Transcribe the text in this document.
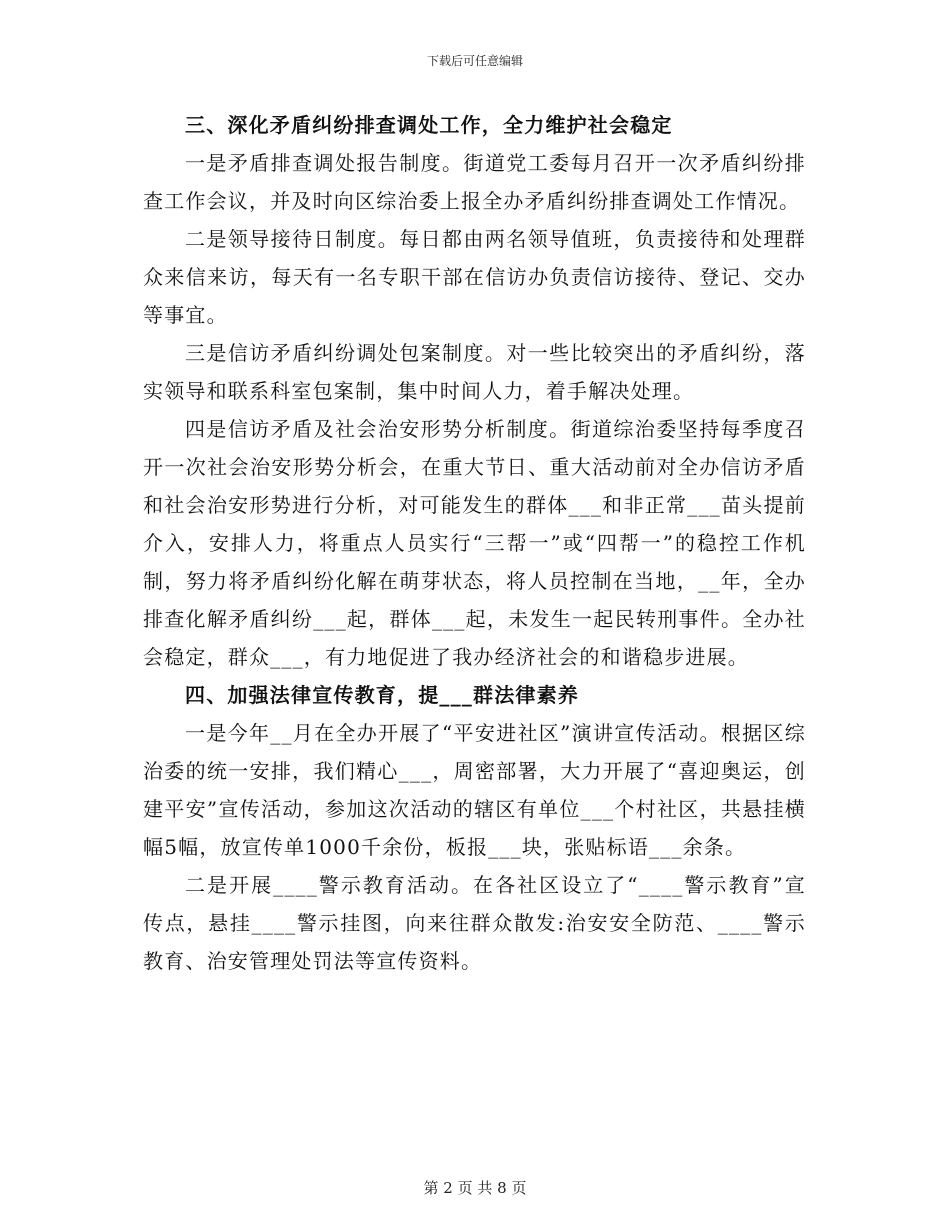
下载后可任意编辑

三、深化矛盾纠纷排查调处工作，全力维护社会稳定

一是矛盾排查调处报告制度。街道党工委每月召开一次矛盾纠纷排查工作会议，并及时向区综治委上报全办矛盾纠纷排查调处工作情况。

二是领导接待日制度。每日都由两名领导值班，负责接待和处理群众来信来访，每天有一名专职干部在信访办负责信访接待、登记、交办等事宜。

三是信访矛盾纠纷调处包案制度。对一些比较突出的矛盾纠纷，落实领导和联系科室包案制，集中时间人力，着手解决处理。

四是信访矛盾及社会治安形势分析制度。街道综治委坚持每季度召开一次社会治安形势分析会，在重大节日、重大活动前对全办信访矛盾和社会治安形势进行分析，对可能发生的群体___和非正常___苗头提前介入，安排人力，将重点人员实行“三帮一”或“四帮一”的稳控工作机制，努力将矛盾纠纷化解在萌芽状态，将人员控制在当地，__年，全办排查化解矛盾纠纷___起，群体___起，未发生一起民转刑事件。全办社会稳定，群众___，有力地促进了我办经济社会的和谐稳步进展。

四、加强法律宣传教育，提___群法律素养

一是今年__月在全办开展了“平安进社区”演讲宣传活动。根据区综治委的统一安排，我们精心___，周密部署，大力开展了“喜迎奥运，创建平安”宣传活动，参加这次活动的辖区有单位___个村社区，共悬挂横幅5幅，放宣传单1000千余份，板报___块，张贴标语___余条。

二是开展____警示教育活动。在各社区设立了“____警示教育”宣传点，悬挂____警示挂图，向来往群众散发:治安安全防范、____警示教育、治安管理处罚法等宣传资料。

第 2 页 共 8 页
